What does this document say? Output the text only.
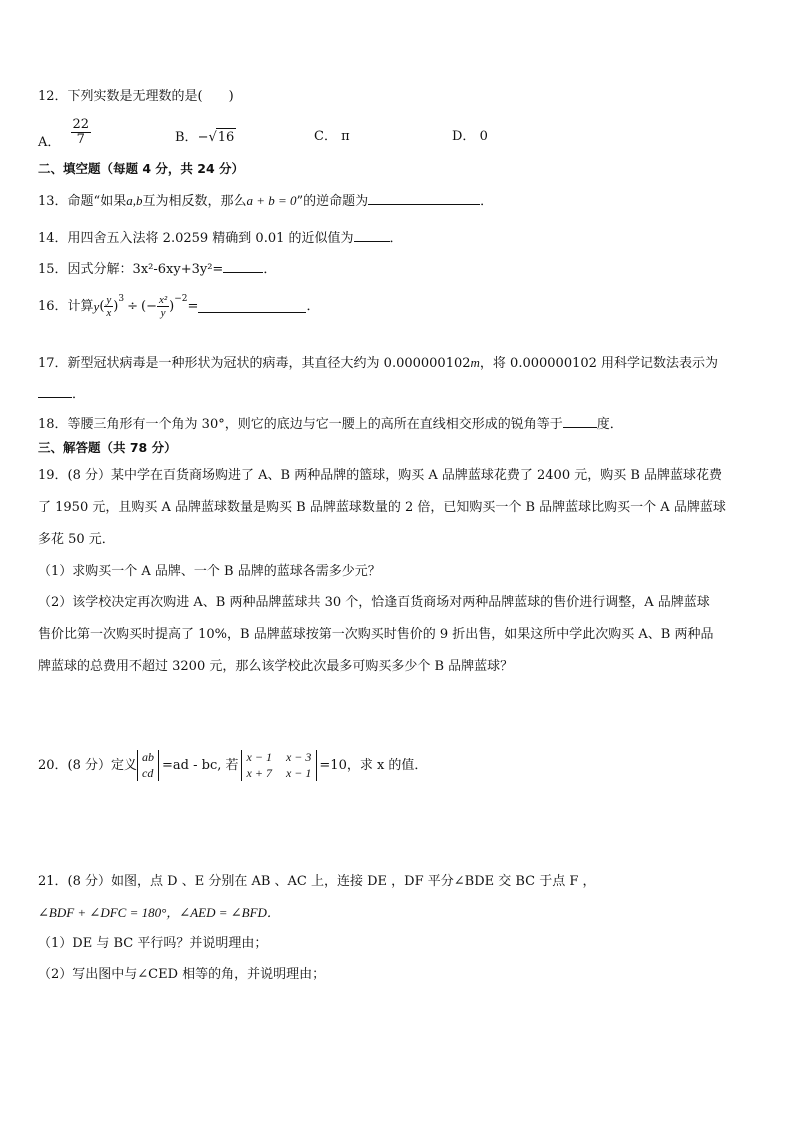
12．下列实数是无理数的是(　　)
A． $\frac{22}{7}$	B．−√16	C． π	D． 0
二、填空题（每题 4 分，共 24 分）
13．命题“如果a,b互为相反数，那么a + b = 0”的逆命题为	．
14．用四舍五入法将 2.0259 精确到 0.01 的近似值为	．
15．因式分解：3x²-6xy+3y²=	．
16．计算 y ( $\frac{y}{x}$ )
$^3$
÷ (− $\frac{\text{x²}}{y}$ )
$^{-2}$
=	．
17．新型冠状病毒是一种形状为冠状的病毒，其直径大约为 0.000000102m，将 0.000000102 用科学记数法表示为
．
18．等腰三角形有一个角为 30°，则它的底边与它一腰上的高所在直线相交形成的锐角等于	度．
三、解答题（共 78 分）
19．(8 分）某中学在百货商场购进了 A、B 两种品牌的篮球，购买 A 品牌蓝球花费了 2400 元，购买 B 品牌蓝球花费
了 1950 元，且购买 A 品牌蓝球数量是购买 B 品牌蓝球数量的 2 倍，已知购买一个 B 品牌蓝球比购买一个 A 品牌蓝球
多花 50 元．
（1）求购买一个 A 品牌、一个 B 品牌的蓝球各需多少元？
（2）该学校决定再次购进 A、B 两种品牌蓝球共 30 个，恰逢百货商场对两种品牌蓝球的售价进行调整，A 品牌蓝球
售价比第一次购买时提高了 10%，B 品牌蓝球按第一次购买时售价的 9 折出售，如果这所中学此次购买 A、B 两种品
牌蓝球的总费用不超过 3200 元，那么该学校此次最多可购买多少个 B 品牌蓝球？
20．(8 分）定义
ab
cd =ad - bc, 若
x − 1 x − 3
x + 7 x − 1 =10，求 x 的值．
21．(8 分）如图，点 D 、E 分别在 AB 、AC 上，连接 DE ，DF 平分∠BDE 交 BC 于点 F ，
∠BDF + ∠DFC = 180°，∠AED = ∠BFD．
（1）DE 与 BC 平行吗？并说明理由；
（2）写出图中与∠CED 相等的角，并说明理由；
